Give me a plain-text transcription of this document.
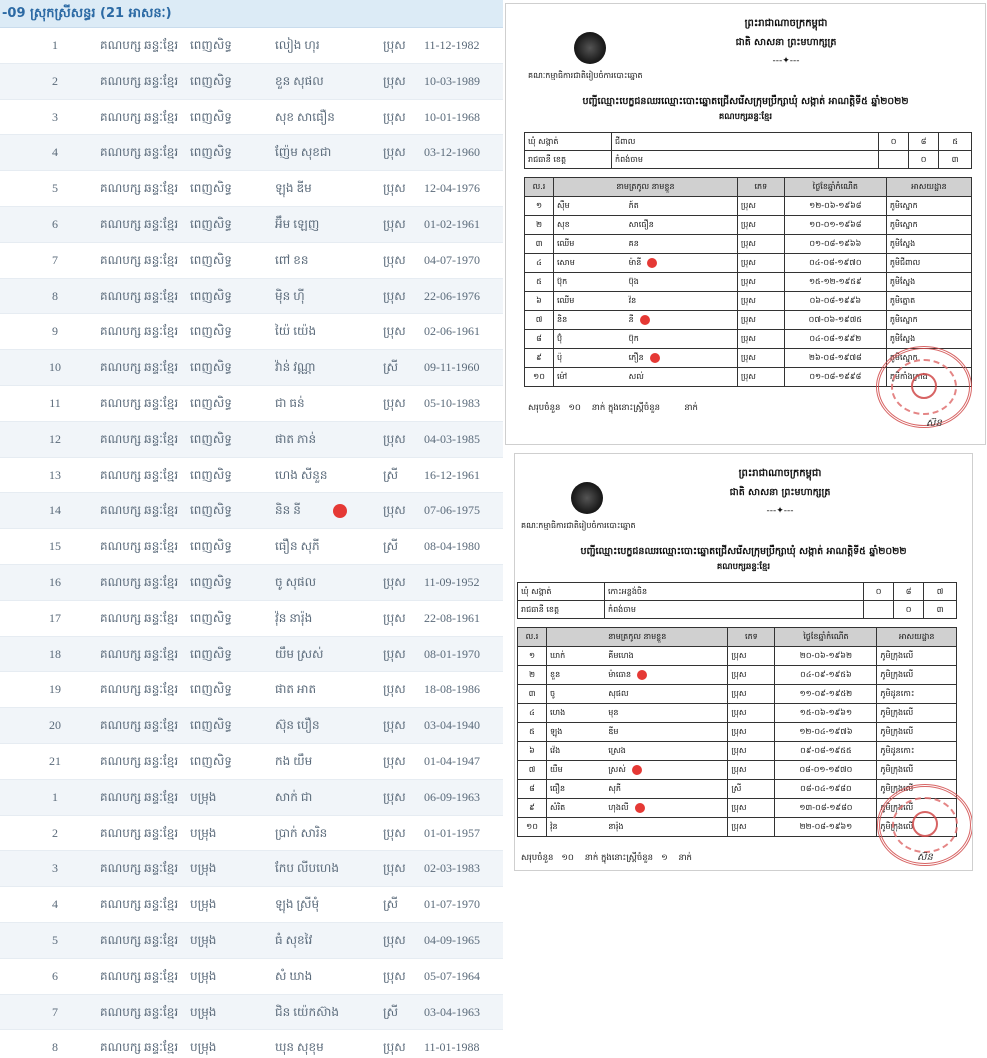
-09 ស្រុកស្រីសន្ធរ (21 អាសនៈ)
1	គណបក្ស ឆន្ទៈខ្មែរ ពេញសិទ្ធ	លៀង ហុរ	ប្រុស 11-12-1982
2	គណបក្ស ឆន្ទៈខ្មែរ ពេញសិទ្ធ	ខួន សុផល	ប្រុស 10-03-1989
3	គណបក្ស ឆន្ទៈខ្មែរ ពេញសិទ្ធ	សុខ សាធឿន	ប្រុស 10-01-1968
4	គណបក្ស ឆន្ទៈខ្មែរ ពេញសិទ្ធ	ញ៉ែម សុខជា	ប្រុស 03-12-1960
5	គណបក្ស ឆន្ទៈខ្មែរ ពេញសិទ្ធ	ឡុង ឌីម	ប្រុស 12-04-1976
6	គណបក្ស ឆន្ទៈខ្មែរ ពេញសិទ្ធ	អ៊ឹម ឡេញ	ប្រុស 01-02-1961
7	គណបក្ស ឆន្ទៈខ្មែរ ពេញសិទ្ធ	ពៅ ខន	ប្រុស 04-07-1970
8	គណបក្ស ឆន្ទៈខ្មែរ ពេញសិទ្ធ	ម៉ិន ហ៊ី	ប្រុស 22-06-1976
9	គណបក្ស ឆន្ទៈខ្មែរ ពេញសិទ្ធ	យ៉ៃ យ៉េង	ប្រុស 02-06-1961
10	គណបក្ស ឆន្ទៈខ្មែរ ពេញសិទ្ធ	វ៉ាន់ វណ្ណា	ស្រី 09-11-1960
11	គណបក្ស ឆន្ទៈខ្មែរ ពេញសិទ្ធ	ជា ធន់	ប្រុស 05-10-1983
12	គណបក្ស ឆន្ទៈខ្មែរ ពេញសិទ្ធ	ផាត ភាន់	ប្រុស 04-03-1985
13	គណបក្ស ឆន្ទៈខ្មែរ ពេញសិទ្ធ	ហេង សីនួន	ស្រី 16-12-1961
14	គណបក្ស ឆន្ទៈខ្មែរ ពេញសិទ្ធ	និន នី	ប្រុស 07-06-1975
15	គណបក្ស ឆន្ទៈខ្មែរ ពេញសិទ្ធ	ធឿន សុភី	ស្រី 08-04-1980
16	គណបក្ស ឆន្ទៈខ្មែរ ពេញសិទ្ធ	ចូ សុផល	ប្រុស 11-09-1952
17	គណបក្ស ឆន្ទៈខ្មែរ ពេញសិទ្ធ	វ៉ុន នារ៉ុង	ប្រុស 22-08-1961
18	គណបក្ស ឆន្ទៈខ្មែរ ពេញសិទ្ធ	យឹម ស្រស់	ប្រុស 08-01-1970
19	គណបក្ស ឆន្ទៈខ្មែរ ពេញសិទ្ធ	ផាត អាត	ប្រុស 18-08-1986
20	គណបក្ស ឆន្ទៈខ្មែរ ពេញសិទ្ធ	ស៊ុន បឿន	ប្រុស 03-04-1940
21	គណបក្ស ឆន្ទៈខ្មែរ ពេញសិទ្ធ	កង យឹម	ប្រុស 01-04-1947
1	គណបក្ស ឆន្ទៈខ្មែរ បម្រុង	សាក់ ជា	ប្រុស 06-09-1963
2	គណបក្ស ឆន្ទៈខ្មែរ បម្រុង	ប្រាក់ សារិន	ប្រុស 01-01-1957
3	គណបក្ស ឆន្ទៈខ្មែរ បម្រុង	កែប លីបហេង	ប្រុស 02-03-1983
4	គណបក្ស ឆន្ទៈខ្មែរ បម្រុង	ឡុង ស្រីមុំ	ស្រី 01-07-1970
5	គណបក្ស ឆន្ទៈខ្មែរ បម្រុង	ធំ សុខវៃ	ប្រុស 04-09-1965
6	គណបក្ស ឆន្ទៈខ្មែរ បម្រុង	សំ ឃាង	ប្រុស 05-07-1964
7	គណបក្ស ឆន្ទៈខ្មែរ បម្រុង	ជិន យ៉េកស៊ាង	ស្រី 03-04-1963
8	គណបក្ស ឆន្ទៈខ្មែរ បម្រុង	ឃុន សុខុម	ប្រុស 11-01-1988
គណៈកម្មាធិការជាតិរៀបចំការបោះឆ្នោត
ព្រះរាជាណាចក្រកម្ពុជា
ជាតិ សាសនា ព្រះមហាក្សត្រ
---✦---
បញ្ជីឈ្មោះបេក្ខជនឈរឈ្មោះបោះឆ្នោតជ្រើសរើសក្រុមប្រឹក្សាឃុំ សង្កាត់ អាណត្តិទី៥ ឆ្នាំ២០២២
គណបក្សឆន្ទៈខ្មែរ
ឃុំ សង្កាត់	ជីពាល	០	៨	៥
រាជធានី ខេត្ត	កំពង់ចាម		០	៣
ល.រ	នាមត្រកូល នាមខ្លួន		ភេទ	ថ្ងៃខែឆ្នាំកំណើត	អាសយដ្ឋាន
១	ស៊ឹម	ភ៍ត	ប្រុស	១២-០៦-១៩៦៨	ភូមិស្នោក
២	សុខ	សាធឿន	ប្រុស	១០-០១-១៩៦៨	ភូមិស្នោក
៣	ឈើម	គន	ប្រុស	០១-០៨-១៩៦៦	ភូមិស្នែង
៤	សោម	ម៉ានី	ប្រុស	០៤-០៨-១៩៧០	ភូមិជីពាល
៥	ប៊ុក	ប៊ុង	ប្រុស	១៥-១២-១៩៥៩	ភូមិស្នែង
៦	ឈើម	វ៉ន	ប្រុស	០៦-០៨-១៩៩៦	ភូមិត្នោត
៧	និន	នី	ប្រុស	០៧-០៦-១៩៧៥	ភូមិស្នោក
៨	ប៊ុំ	ប៊ុក	ប្រុស	០៤-០៨-១៩៩២	ភូមិស្នែង
៩	ប៉ុ	ភឿន	ប្រុស	២៦-០៨-១៩៧៨	ភូមិស្នោក
១០	ម៉ៅ	សល់	ប្រុស	០១-០៨-១៩៩៨	ភូមិកាំងក្រាង
សរុបចំនួន ១០ នាក់ ក្នុងនោះស្ត្រីចំនួន	នាក់
ស៊ន
គណៈកម្មាធិការជាតិរៀបចំការបោះឆ្នោត
ព្រះរាជាណាចក្រកម្ពុជា
ជាតិ សាសនា ព្រះមហាក្សត្រ
---✦---
បញ្ជីឈ្មោះបេក្ខជនឈរឈ្មោះបោះឆ្នោតជ្រើសរើសក្រុមប្រឹក្សាឃុំ សង្កាត់ អាណត្តិទី៥ ឆ្នាំ២០២២
គណបក្សឆន្ទៈខ្មែរ
ឃុំ សង្កាត់	កោះអន្លង់ចិន	០	៨	៧
រាជធានី ខេត្ត	កំពង់ចាម		០	៣
ល.រ	នាមត្រកូល នាមខ្លួន		ភេទ	ថ្ងៃខែឆ្នាំកំណើត	អាសយដ្ឋាន
១	ឃាក់	គីមហេង	ប្រុស	២០-០៦-១៩៦២	ភូមិក្រុងលើ
២	ខួន	ម៉ាធោន	ប្រុស	០៤-០៩-១៩៥៦	ភូមិក្រុងលើ
៣	ចូ	សុផល	ប្រុស	១១-០៩-១៩៥២	ភូមិដូនកោះ
៤	ហេង	មុន	ប្រុស	១៥-០៦-១៩៦១	ភូមិក្រុងលើ
៥	ឡុង	ឌីម	ប្រុស	១២-០៤-១៩៧៦	ភូមិក្រុងលើ
៦	វ៉េង	ស្រេង	ប្រុស	០៩-០៨-១៩៥៥	ភូមិដូនកោះ
៧	យឹម	ស្រស់	ប្រុស	០៨-០១-១៩៧០	ភូមិក្រុងលើ
៨	ធឿន	សុភី	ស្រី	០៨-០៤-១៩៨០	ភូមិក្រុងលើ
៩	សំរិត	ហុងលី	ប្រុស	១៣-០៨-១៩៨០	ភូមិក្រុងលើ
១០	វ៉ុន	នារ៉ុង	ប្រុស	២២-០៨-១៩៦១	ភូមិក្រុងលើ
សរុបចំនួន ១០ នាក់ ក្នុងនោះស្ត្រីចំនួន ១ នាក់	ស៊ន
